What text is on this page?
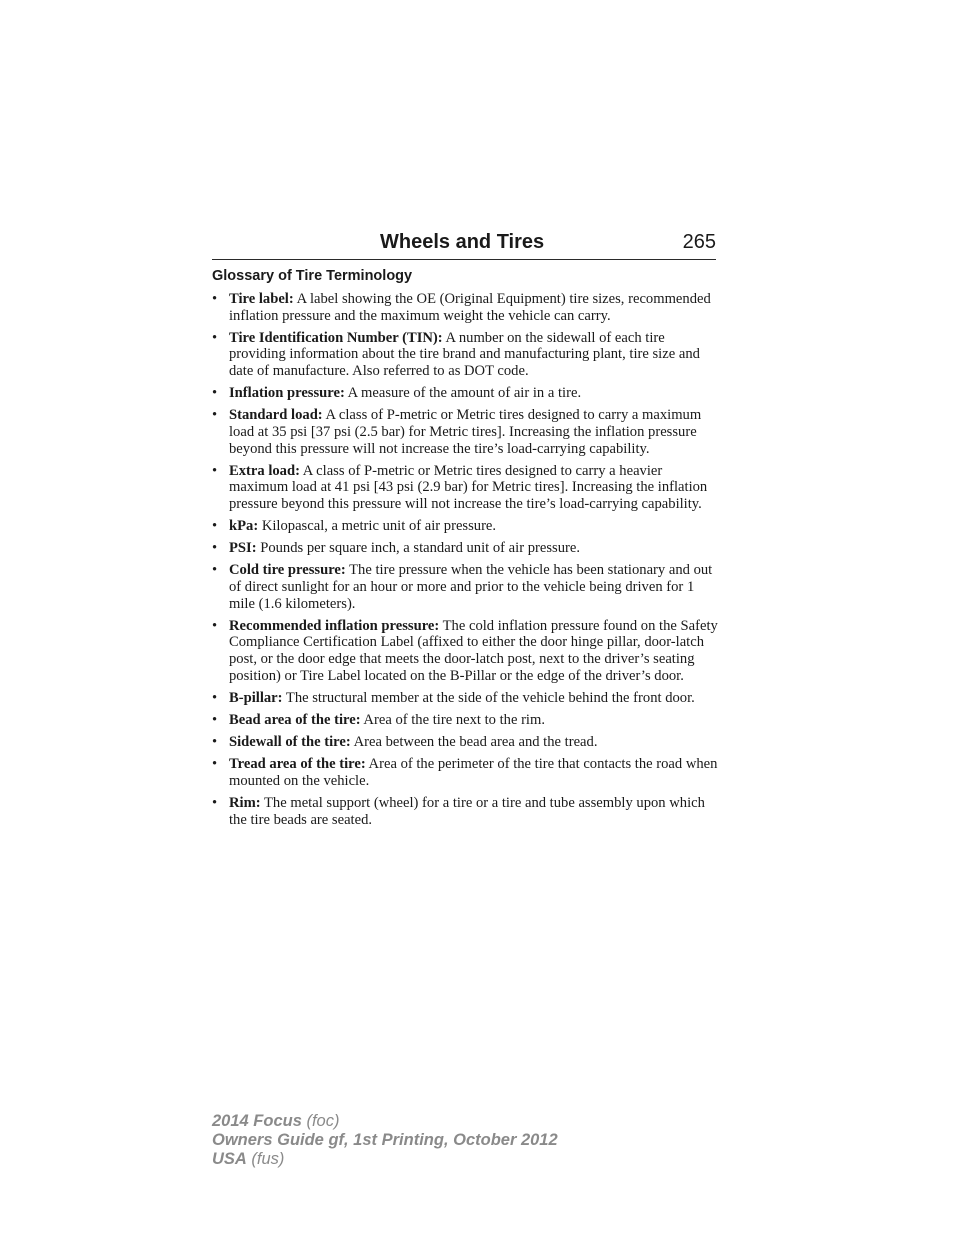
Wheels and Tires	265
Glossary of Tire Terminology
• Tire label: A label showing the OE (Original Equipment) tire sizes, recommended inflation pressure and the maximum weight the vehicle can carry.
• Tire Identification Number (TIN): A number on the sidewall of each tire providing information about the tire brand and manufacturing plant, tire size and date of manufacture. Also referred to as DOT code.
• Inflation pressure: A measure of the amount of air in a tire.
• Standard load: A class of P-metric or Metric tires designed to carry a maximum load at 35 psi [37 psi (2.5 bar) for Metric tires]. Increasing the inflation pressure beyond this pressure will not increase the tire’s load-carrying capability.
• Extra load: A class of P-metric or Metric tires designed to carry a heavier maximum load at 41 psi [43 psi (2.9 bar) for Metric tires]. Increasing the inflation pressure beyond this pressure will not increase the tire’s load-carrying capability.
• kPa: Kilopascal, a metric unit of air pressure.
• PSI: Pounds per square inch, a standard unit of air pressure.
• Cold tire pressure: The tire pressure when the vehicle has been stationary and out of direct sunlight for an hour or more and prior to the vehicle being driven for 1 mile (1.6 kilometers).
• Recommended inflation pressure: The cold inflation pressure found on the Safety Compliance Certification Label (affixed to either the door hinge pillar, door-latch post, or the door edge that meets the door-latch post, next to the driver’s seating position) or Tire Label located on the B-Pillar or the edge of the driver’s door.
• B-pillar: The structural member at the side of the vehicle behind the front door.
• Bead area of the tire: Area of the tire next to the rim.
• Sidewall of the tire: Area between the bead area and the tread.
• Tread area of the tire: Area of the perimeter of the tire that contacts the road when mounted on the vehicle.
• Rim: The metal support (wheel) for a tire or a tire and tube assembly upon which the tire beads are seated.
2014 Focus (foc)
Owners Guide gf, 1st Printing, October 2012
USA (fus)
